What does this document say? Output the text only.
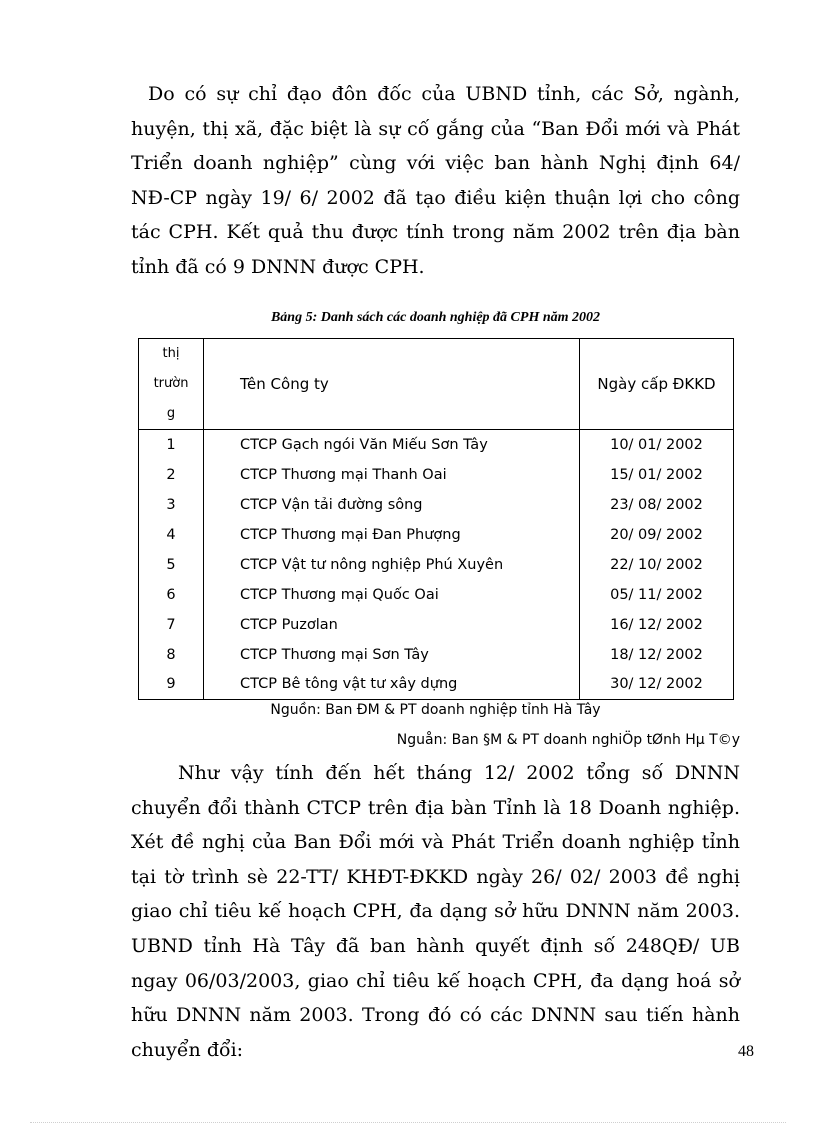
Do có sự chỉ đạo đôn đốc của UBND tỉnh, các Sở, ngành, huyện, thị xã, đặc biệt là sự cố gắng của “Ban Đổi mới và Phát Triển doanh nghiệp” cùng với việc ban hành Nghị định 64/ NĐ-CP ngày 19/ 6/ 2002 đã tạo điều kiện thuận lợi cho công tác CPH. Kết quả thu được tính trong năm 2002 trên địa bàn tỉnh đã có 9 DNNN được CPH.

Bảng 5: Danh sách các doanh nghiệp đã CPH năm 2002
thị
trườn
g	Tên Công ty	Ngày cấp ĐKKD
1	CTCP Gạch ngói Văn Miếu Sơn Tây	10/ 01/ 2002
2	CTCP Thương mại Thanh Oai	15/ 01/ 2002
3	CTCP Vận tải đường sông	23/ 08/ 2002
4	CTCP Thương mại Đan Phượng	20/ 09/ 2002
5	CTCP Vật tư nông nghiệp Phú Xuyên	22/ 10/ 2002
6	CTCP Thương mại Quốc Oai	05/ 11/ 2002
7	CTCP Puzơlan	16/ 12/ 2002
8	CTCP Thương mại Sơn Tây	18/ 12/ 2002
9	CTCP Bê tông vật tư xây dựng	30/ 12/ 2002
Nguồn: Ban ĐM & PT doanh nghiệp tỉnh Hà Tây
Nguån: Ban §M & PT doanh nghiÖp tØnh Hµ T©y

Như vậy tính đến hết tháng 12/ 2002 tổng số DNNN chuyển đổi thành CTCP trên địa bàn Tỉnh là 18 Doanh nghiệp. Xét đề nghị của Ban Đổi mới và Phát Triển doanh nghiệp tỉnh tại tờ trình sè 22-TT/ KHĐT-ĐKKD ngày 26/ 02/ 2003 đề nghị giao chỉ tiêu kế hoạch CPH, đa dạng sở hữu DNNN năm 2003. UBND tỉnh Hà Tây đã ban hành quyết định số 248QĐ/ UB ngay 06/03/2003, giao chỉ tiêu kế hoạch CPH, đa dạng hoá sở hữu DNNN năm 2003. Trong đó có các DNNN sau tiến hành chuyển đổi:	48
